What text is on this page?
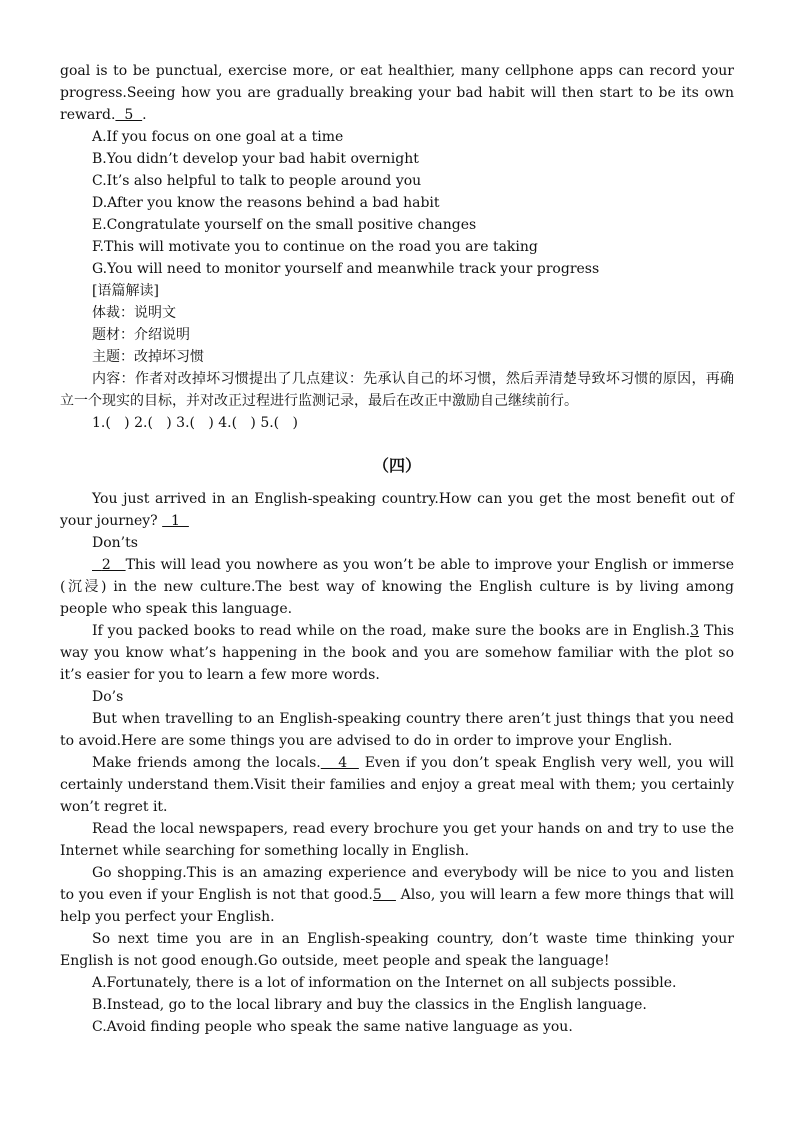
goal is to be punctual, exercise more, or eat healthier, many cellphone apps can record your progress.Seeing how you are gradually breaking your bad habit will then start to be its own reward.  5  .
A.If you focus on one goal at a time
B.You didn’t develop your bad habit overnight
C.It’s also helpful to talk to people around you
D.After you know the reasons behind a bad habit
E.Congratulate yourself on the small positive changes
F.This will motivate you to continue on the road you are taking
G.You will need to monitor yourself and meanwhile track your progress
[语篇解读]
体裁：说明文
题材：介绍说明
主题：改掉坏习惯
内容：作者对改掉坏习惯提出了几点建议：先承认自己的坏习惯，然后弄清楚导致坏习惯的原因，再确立一个现实的目标，并对改正过程进行监测记录，最后在改正中激励自己继续前行。
1.(   ) 2.(   ) 3.(   ) 4.(   ) 5.(   )
（四）
You just arrived in an English-speaking country.How can you get the most benefit out of your journey?   1
Don’ts
2   This will lead you nowhere as you won’t be able to improve your English or immerse (沉浸) in the new culture.The best way of knowing the English culture is by living among people who speak this language.
If you packed books to read while on the road, make sure the books are in English.3 This way you know what’s happening in the book and you are somehow familiar with the plot so it’s easier for you to learn a few more words.
Do’s
But when travelling to an English-speaking country there aren’t just things that you need to avoid.Here are some things you are advised to do in order to improve your English.
Make friends among the locals.   4   Even if you don’t speak English very well, you will certainly understand them.Visit their families and enjoy a great meal with them; you certainly won’t regret it.
Read the local newspapers, read every brochure you get your hands on and try to use the Internet while searching for something locally in English.
Go shopping.This is an amazing experience and everybody will be nice to you and listen to you even if your English is not that good.5    Also, you will learn a few more things that will help you perfect your English.
So next time you are in an English-speaking country, don’t waste time thinking your English is not good enough.Go outside, meet people and speak the language!
A.Fortunately, there is a lot of information on the Internet on all subjects possible.
B.Instead, go to the local library and buy the classics in the English language.
C.Avoid finding people who speak the same native language as you.
